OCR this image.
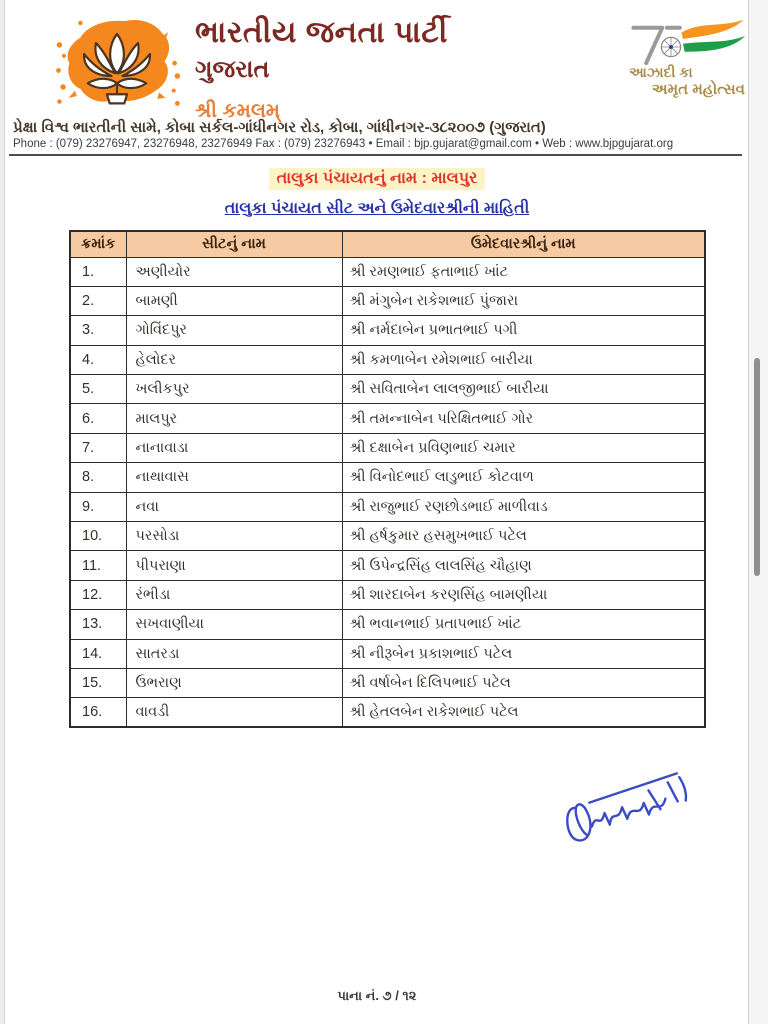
ભારતીય જનતા પાર્ટી
ગુજરાત
શ્રી કમલમ્
આઝાદી કા
અમૃત મહોત્સવ
પ્રેક્ષા વિશ્વ ભારતીની સામે, કોબા સર્કલ-ગાંધીનગર રોડ, કોબા, ગાંધીનગર-૩૮૨૦૦૭ (ગુજરાત)
Phone : (079) 23276947, 23276948, 23276949 Fax : (079) 23276943 • Email : bjp.gujarat@gmail.com • Web : www.bjpgujarat.org
તાલુકા પંચાયતનું નામ : માલપુર
તાલુકા પંચાયત સીટ અને ઉમેદવારશ્રીની માહિતી
ક્રમાંક	સીટનું નામ	ઉમેદવારશ્રીનું નામ
1.	અણીયોર	શ્રી રમણભાઈ ફતાભાઈ ખાંટ
2.	બામણી	શ્રી મંગુબેન રાકેશભાઈ પુંજારા
3.	ગોવિંદપુર	શ્રી નર્મદાબેન પ્રભાતભાઈ પગી
4.	હેલોદર	શ્રી કમળાબેન રમેશભાઈ બારીયા
5.	ખલીકપુર	શ્રી સવિતાબેન લાલજીભાઈ બારીયા
6.	માલપુર	શ્રી તમન્નાબેન પરિક્ષિતભાઈ ગોર
7.	નાનાવાડા	શ્રી દક્ષાબેન પ્રવિણભાઈ ચમાર
8.	નાથાવાસ	શ્રી વિનોદભાઈ લાડુભાઈ કોટવાળ
9.	નવા	શ્રી રાજુભાઈ રણછોડભાઈ માળીવાડ
10.	પરસોડા	શ્રી હર્ષકુમાર હસમુખભાઈ પટેલ
11.	પીપરાણા	શ્રી ઉપેન્દ્રસિંહ લાલસિંહ ચૌહાણ
12.	રંભીડા	શ્રી શારદાબેન કરણસિંહ બામણીયા
13.	સખવાણીયા	શ્રી ભવાનભાઈ પ્રતાપભાઈ ખાંટ
14.	સાતરડા	શ્રી નીરૂબેન પ્રકાશભાઈ પટેલ
15.	ઉભરાણ	શ્રી વર્ષાબેન દિલિપભાઈ પટેલ
16.	વાવડી	શ્રી હેતલબેન રાકેશભાઈ પટેલ
પાના નં. ૭ / ૧૨
